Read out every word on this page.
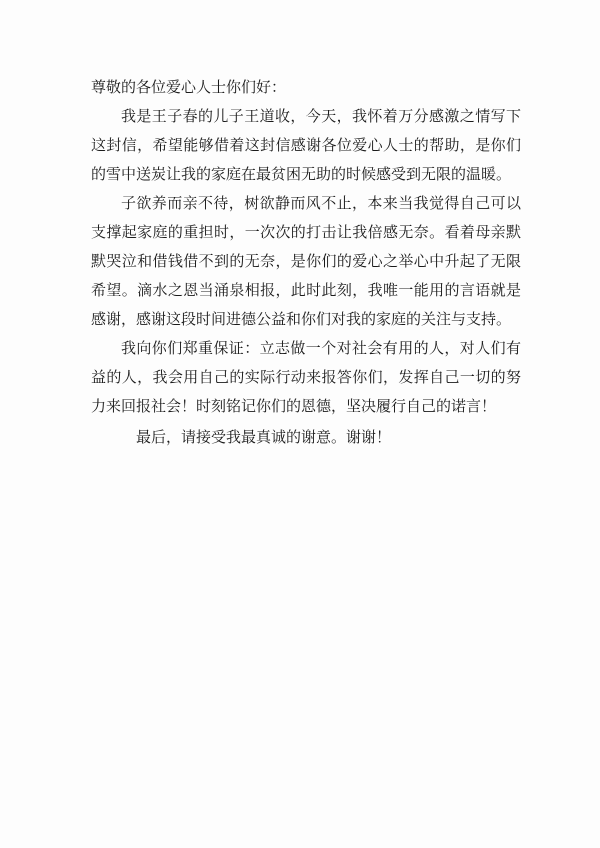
尊敬的各位爱心人士你们好：

我是王子春的儿子王道收，今天，我怀着万分感激之情写下这封信，希望能够借着这封信感谢各位爱心人士的帮助，是你们的雪中送炭让我的家庭在最贫困无助的时候感受到无限的温暖。

子欲养而亲不待，树欲静而风不止，本来当我觉得自己可以支撑起家庭的重担时，一次次的打击让我倍感无奈。看着母亲默默哭泣和借钱借不到的无奈，是你们的爱心之举心中升起了无限希望。滴水之恩当涌泉相报，此时此刻，我唯一能用的言语就是感谢，感谢这段时间进德公益和你们对我的家庭的关注与支持。

我向你们郑重保证：立志做一个对社会有用的人，对人们有益的人，我会用自己的实际行动来报答你们，发挥自己一切的努力来回报社会！时刻铭记你们的恩德，坚决履行自己的诺言！

最后，请接受我最真诚的谢意。谢谢！
